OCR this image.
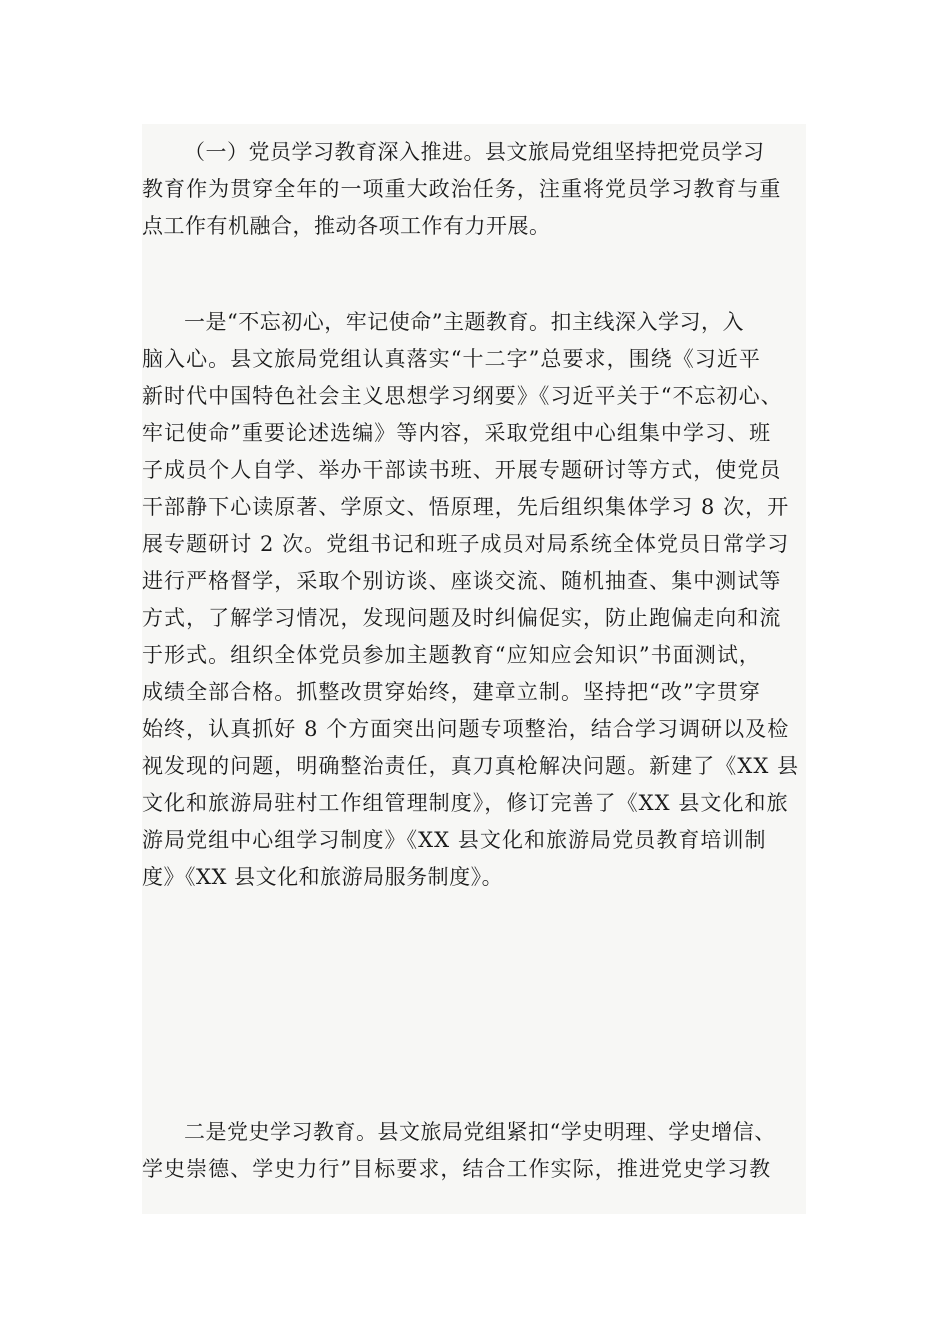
（一）党员学习教育深入推进。县文旅局党组坚持把党员学习
教育作为贯穿全年的一项重大政治任务，注重将党员学习教育与重
点工作有机融合，推动各项工作有力开展。
一是“不忘初心，牢记使命”主题教育。扣主线深入学习，入
脑入心。县文旅局党组认真落实“十二字”总要求，围绕《习近平
新时代中国特色社会主义思想学习纲要》《习近平关于“不忘初心、
牢记使命”重要论述选编》等内容，采取党组中心组集中学习、班
子成员个人自学、举办干部读书班、开展专题研讨等方式，使党员
干部静下心读原著、学原文、悟原理，先后组织集体学习 8 次，开
展专题研讨 2 次。党组书记和班子成员对局系统全体党员日常学习
进行严格督学，采取个别访谈、座谈交流、随机抽查、集中测试等
方式，了解学习情况，发现问题及时纠偏促实，防止跑偏走向和流
于形式。组织全体党员参加主题教育“应知应会知识”书面测试，
成绩全部合格。抓整改贯穿始终，建章立制。坚持把“改”字贯穿
始终，认真抓好 8 个方面突出问题专项整治，结合学习调研以及检
视发现的问题，明确整治责任，真刀真枪解决问题。新建了《XX 县
文化和旅游局驻村工作组管理制度》，修订完善了《XX 县文化和旅
游局党组中心组学习制度》《XX 县文化和旅游局党员教育培训制
度》《XX 县文化和旅游局服务制度》。
二是党史学习教育。县文旅局党组紧扣“学史明理、学史增信、
学史崇德、学史力行”目标要求，结合工作实际，推进党史学习教
